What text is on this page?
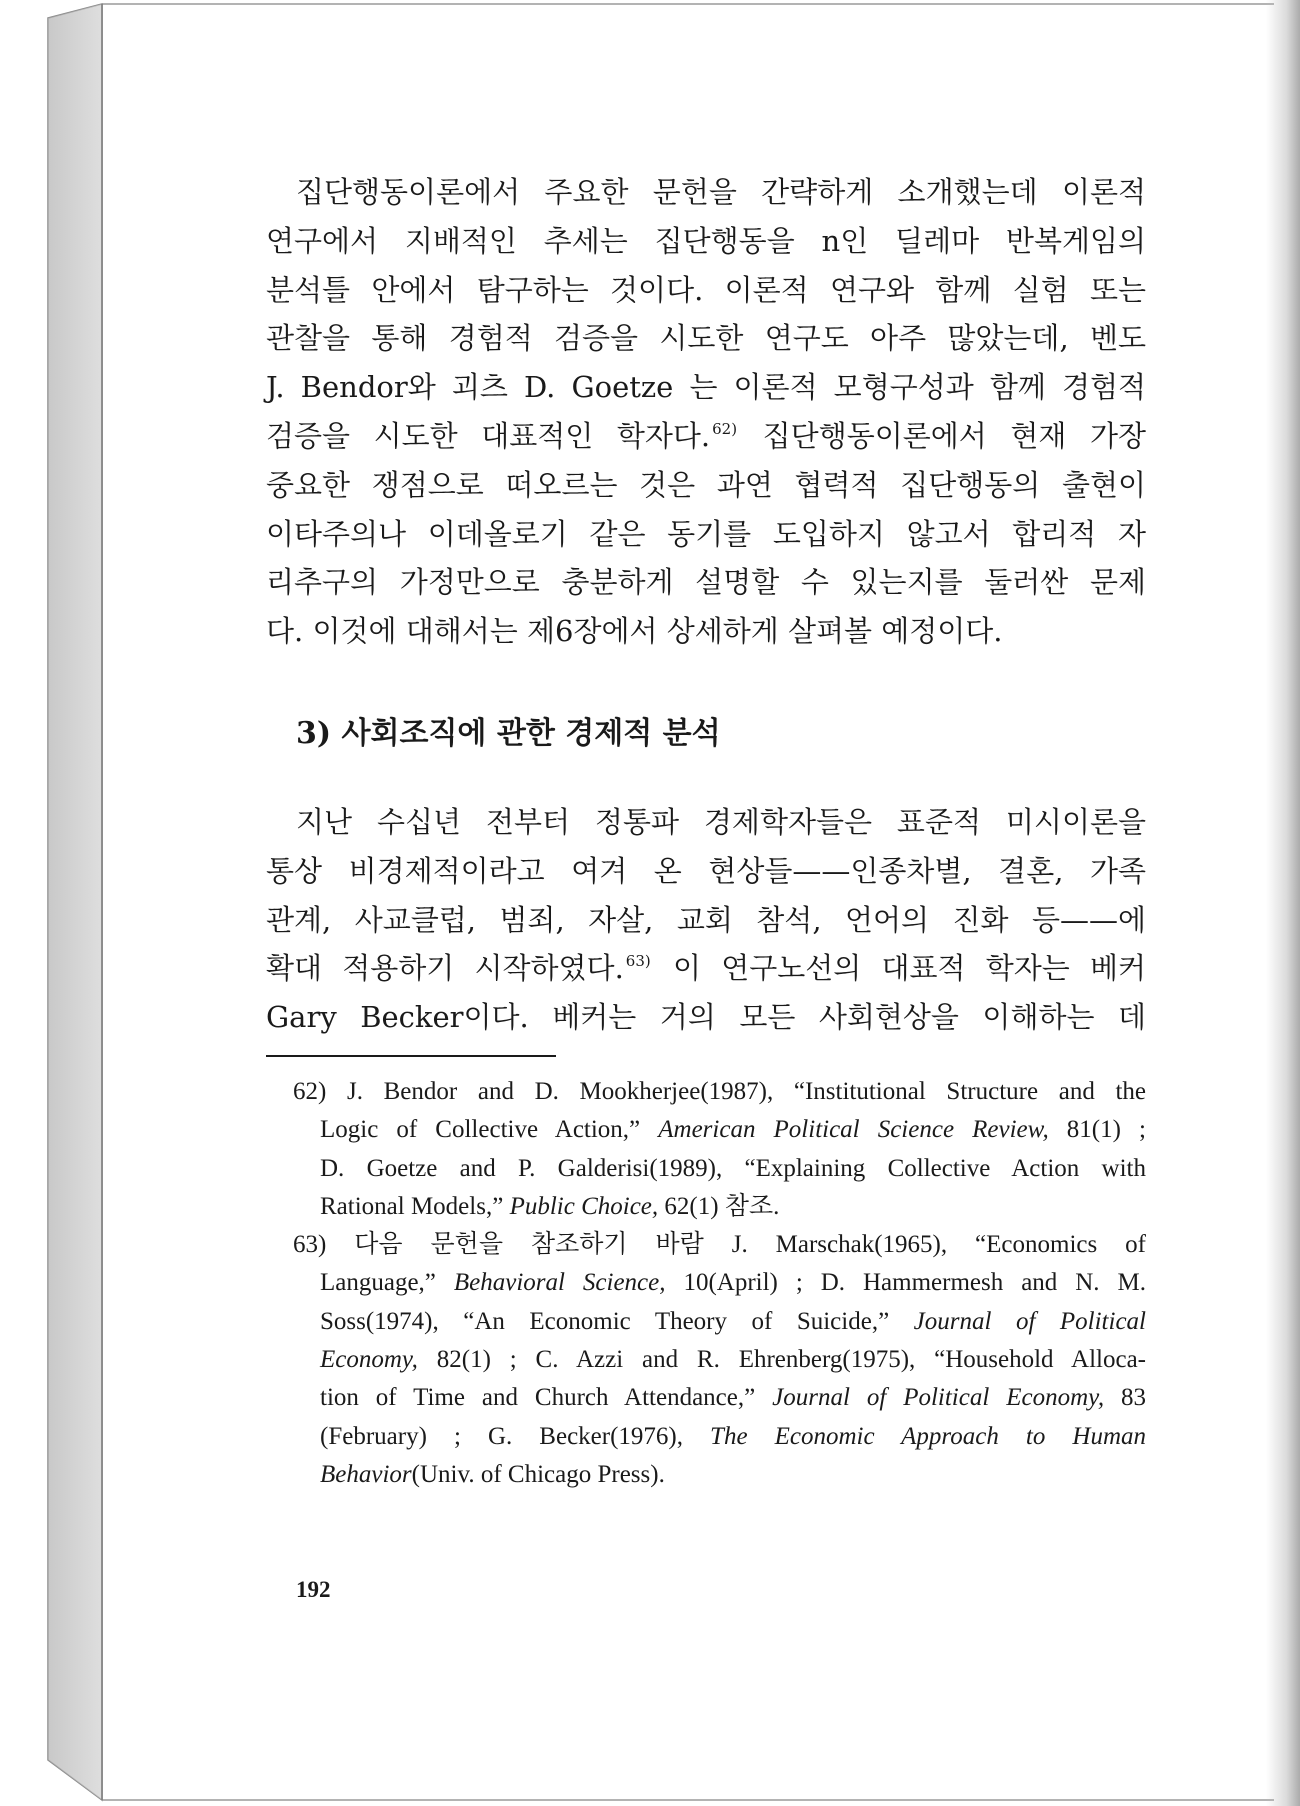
집단행동이론에서 주요한 문헌을 간략하게 소개했는데 이론적
연구에서 지배적인 추세는 집단행동을 n인 딜레마 반복게임의
분석틀 안에서 탐구하는 것이다. 이론적 연구와 함께 실험 또는
관찰을 통해 경험적 검증을 시도한 연구도 아주 많았는데, 벤도
J. Bendor와 괴츠 D. Goetze 는 이론적 모형구성과 함께 경험적
검증을 시도한 대표적인 학자다. $^{62)}$ 집단행동이론에서 현재 가장
중요한 쟁점으로 떠오르는 것은 과연 협력적 집단행동의 출현이
이타주의나 이데올로기 같은 동기를 도입하지 않고서 합리적 자
리추구의 가정만으로 충분하게 설명할 수 있는지를 둘러싼 문제
다. 이것에 대해서는 제6장에서 상세하게 살펴볼 예정이다.

3) 사회조직에 관한 경제적 분석

지난 수십년 전부터 정통파 경제학자들은 표준적 미시이론을
통상 비경제적이라고 여겨 온 현상들——인종차별, 결혼, 가족
관계, 사교클럽, 범죄, 자살, 교회 참석, 언어의 진화 등——에
확대 적용하기 시작하였다. $^{63)}$ 이 연구노선의 대표적 학자는 베커
Gary Becker이다. 베커는 거의 모든 사회현상을 이해하는 데

62) J. Bendor and D. Mookherjee(1987), “Institutional Structure and the
Logic of Collective Action,” American Political Science Review, 81(1) ;
D. Goetze and P. Galderisi(1989), “Explaining Collective Action with
Rational Models,” Public Choice, 62(1) 참조.

63) 다음 문헌을 참조하기 바람 J. Marschak(1965), “Economics of
Language,” Behavioral Science, 10(April) ; D. Hammermesh and N. M.
Soss(1974), “An Economic Theory of Suicide,” Journal of Political
Economy, 82(1) ; C. Azzi and R. Ehrenberg(1975), “Household Alloca-
tion of Time and Church Attendance,” Journal of Political Economy, 83
(February) ; G. Becker(1976), The Economic Approach to Human
Behavior(Univ. of Chicago Press).

192
